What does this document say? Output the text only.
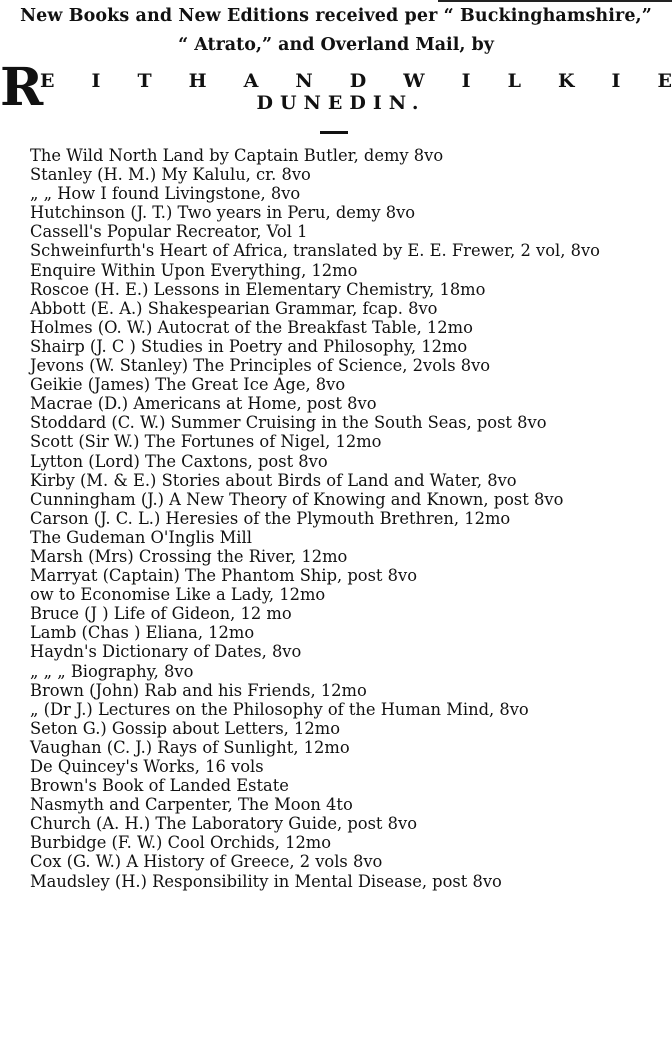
New Books and New Editions received per “ Buckinghamshire,”
“ Atrato,” and Overland Mail, by
R
E I T H A N D W I L K I E
DUNEDIN.
The Wild North Land by Captain Butler, demy 8vo
Stanley (H. M.) My Kalulu, cr. 8vo
„ „ How I found Livingstone, 8vo
Hutchinson (J. T.) Two years in Peru, demy 8vo
Cassell's Popular Recreator, Vol 1
Schweinfurth's Heart of Africa, translated by E. E. Frewer, 2 vol, 8vo
Enquire Within Upon Everything, 12mo
Roscoe (H. E.) Lessons in Elementary Chemistry, 18mo
Abbott (E. A.) Shakespearian Grammar, fcap. 8vo
Holmes (O. W.) Autocrat of the Breakfast Table, 12mo
Shairp (J. C ) Studies in Poetry and Philosophy, 12mo
Jevons (W. Stanley) The Principles of Science, 2vols 8vo
Geikie (James) The Great Ice Age, 8vo
Macrae (D.) Americans at Home, post 8vo
Stoddard (C. W.) Summer Cruising in the South Seas, post 8vo
Scott (Sir W.) The Fortunes of Nigel, 12mo
Lytton (Lord) The Caxtons, post 8vo
Kirby (M. & E.) Stories about Birds of Land and Water, 8vo
Cunningham (J.) A New Theory of Knowing and Known, post 8vo
Carson (J. C. L.) Heresies of the Plymouth Brethren, 12mo
The Gudeman O'Inglis Mill
Marsh (Mrs) Crossing the River, 12mo
Marryat (Captain) The Phantom Ship, post 8vo
ow to Economise Like a Lady, 12mo
Bruce (J ) Life of Gideon, 12 mo
Lamb (Chas ) Eliana, 12mo
Haydn's Dictionary of Dates, 8vo
„ „ „ Biography, 8vo
Brown (John) Rab and his Friends, 12mo
„ (Dr J.) Lectures on the Philosophy of the Human Mind, 8vo
Seton G.) Gossip about Letters, 12mo
Vaughan (C. J.) Rays of Sunlight, 12mo
De Quincey's Works, 16 vols
Brown's Book of Landed Estate
Nasmyth and Carpenter, The Moon 4to
Church (A. H.) The Laboratory Guide, post 8vo
Burbidge (F. W.) Cool Orchids, 12mo
Cox (G. W.) A History of Greece, 2 vols 8vo
Maudsley (H.) Responsibility in Mental Disease, post 8vo
